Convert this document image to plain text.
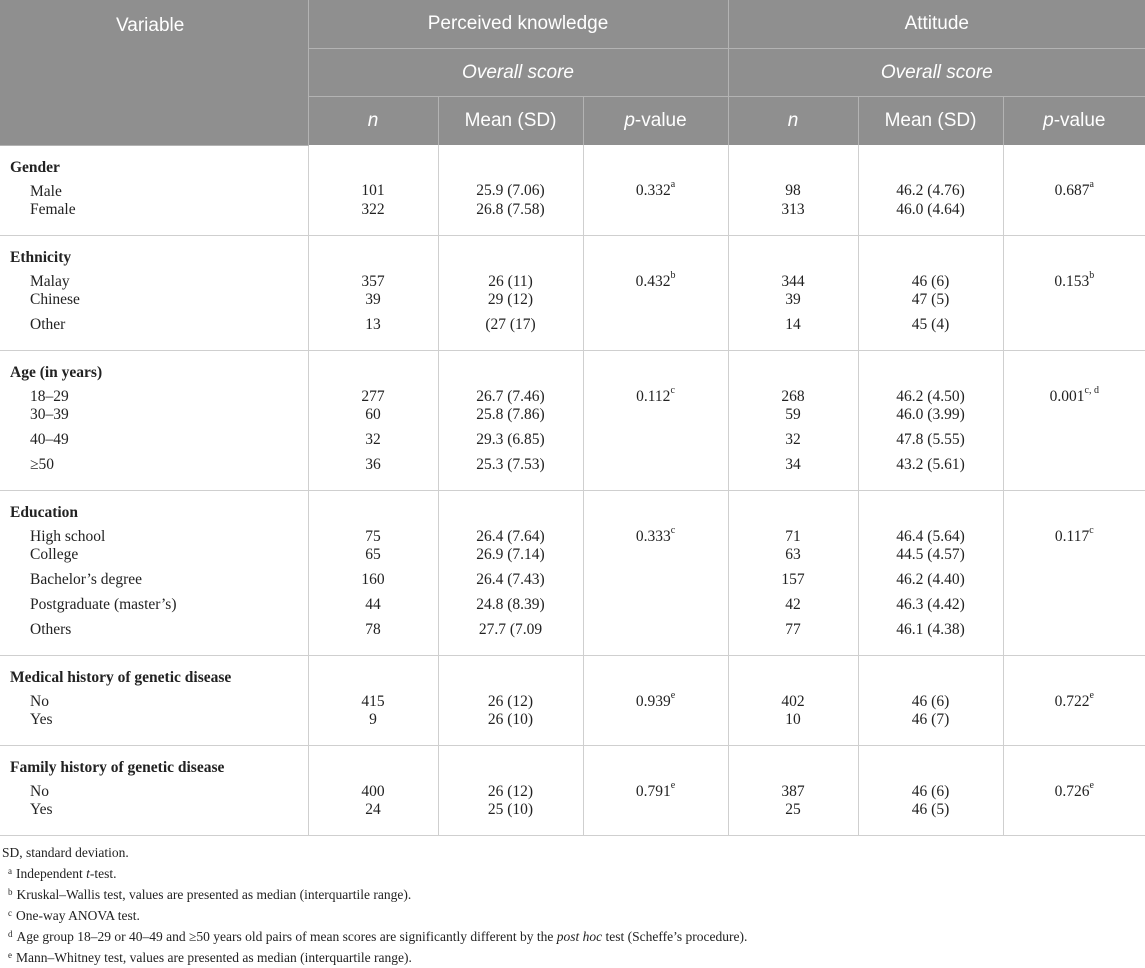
Variable	Perceived knowledge			Attitude		
	Overall score			Overall score		
	n	Mean (SD)	p-value	n	Mean (SD)	p-value

Gender
Male	101	25.9 (7.06)	0.332$^a$	98	46.2 (4.76)	0.687$^a$

Female	322	26.8 (7.58)		313	46.0 (4.64)	

Ethnicity
Malay	357	26 (11)	0.432$^b$	344	46 (6)	0.153$^b$

Chinese	39	29 (12)		39	47 (5)	

Other	13	(27 (17)		14	45 (4)	

Age (in years)
18–29	277	26.7 (7.46)	0.112$^c$	268	46.2 (4.50)	0.001$^{c, d}$

30–39	60	25.8 (7.86)		59	46.0 (3.99)	

40–49	32	29.3 (6.85)		32	47.8 (5.55)	

≥50	36	25.3 (7.53)		34	43.2 (5.61)	

Education
High school	75	26.4 (7.64)	0.333$^c$	71	46.4 (5.64)	0.117$^c$

College	65	26.9 (7.14)		63	44.5 (4.57)	

Bachelor’s degree	160	26.4 (7.43)		157	46.2 (4.40)	

Postgraduate (master’s)	44	24.8 (8.39)		42	46.3 (4.42)	

Others	78	27.7 (7.09		77	46.1 (4.38)	

Medical history of genetic disease
No	415	26 (12)	0.939e	402	46 (6)	0.722e

Yes	9	26 (10)		10	46 (7)	

Family history of genetic disease
No	400	26 (12)	0.791e	387	46 (6)	0.726e

Yes	24	25 (10)		25	46 (5)	

SD, standard deviation.
$^a$ Independent t-test.
$^b$ Kruskal–Wallis test, values are presented as median (interquartile range).
$^c$ One-way ANOVA test.
$^d$ Age group 18–29 or 40–49 and ≥50 years old pairs of mean scores are significantly different by the post hoc test (Scheffe’s procedure).
$^e$ Mann–Whitney test, values are presented as median (interquartile range).
